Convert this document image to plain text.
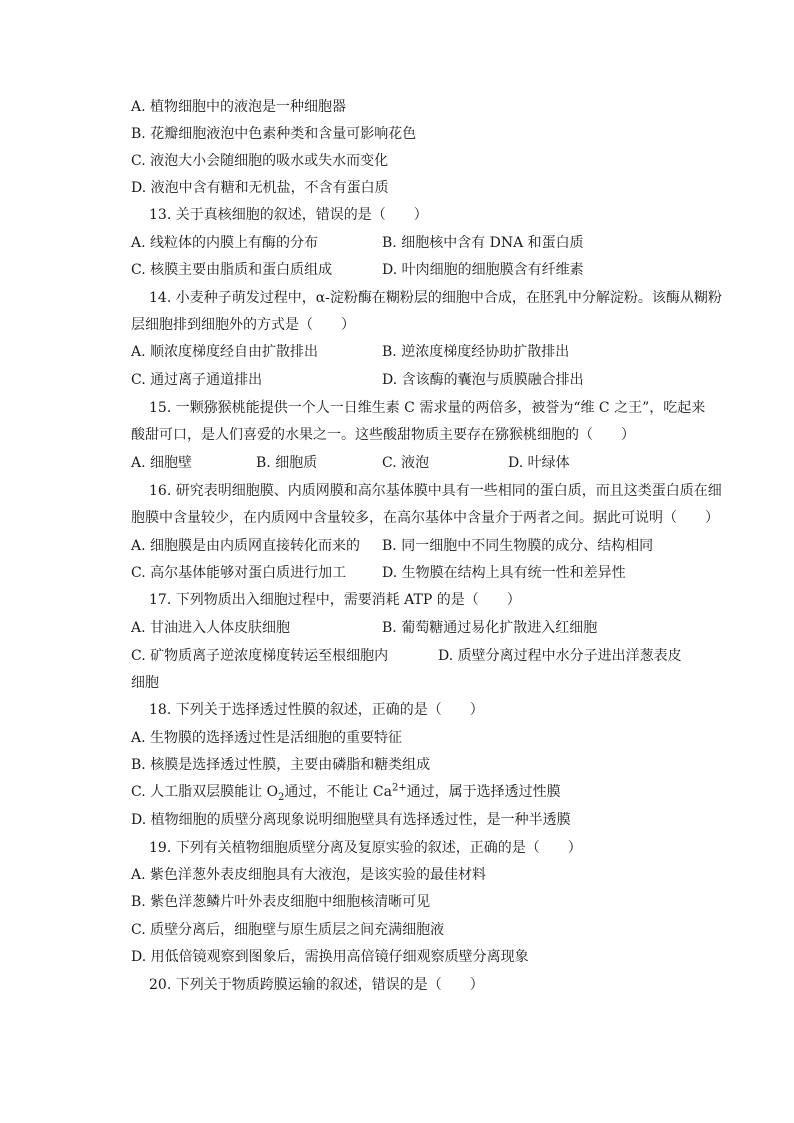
A. 植物细胞中的液泡是一种细胞器
B. 花瓣细胞液泡中色素种类和含量可影响花色
C. 液泡大小会随细胞的吸水或失水而变化
D. 液泡中含有糖和无机盐，不含有蛋白质
13. 关于真核细胞的叙述，错误的是（　　）
A. 线粒体的内膜上有酶的分布	B. 细胞核中含有 DNA 和蛋白质
C. 核膜主要由脂质和蛋白质组成	D. 叶肉细胞的细胞膜含有纤维素
14. 小麦种子萌发过程中，α-淀粉酶在糊粉层的细胞中合成，在胚乳中分解淀粉。该酶从糊粉
层细胞排到细胞外的方式是（　　）
A. 顺浓度梯度经自由扩散排出	B. 逆浓度梯度经协助扩散排出
C. 通过离子通道排出	D. 含该酶的囊泡与质膜融合排出
15. 一颗猕猴桃能提供一个人一日维生素 C 需求量的两倍多，被誉为“维 C 之王”，吃起来
酸甜可口，是人们喜爱的水果之一。这些酸甜物质主要存在猕猴桃细胞的（　　）
A. 细胞壁	B. 细胞质	C. 液泡	D. 叶绿体
16. 研究表明细胞膜、内质网膜和高尔基体膜中具有一些相同的蛋白质，而且这类蛋白质在细
胞膜中含量较少，在内质网中含量较多，在高尔基体中含量介于两者之间。据此可说明（　　）
A. 细胞膜是由内质网直接转化而来的 B. 同一细胞中不同生物膜的成分、结构相同
C. 高尔基体能够对蛋白质进行加工	D. 生物膜在结构上具有统一性和差异性
17. 下列物质出入细胞过程中，需要消耗 ATP 的是（　　）
A. 甘油进入人体皮肤细胞	B. 葡萄糖通过易化扩散进入红细胞
C. 矿物质离子逆浓度梯度转运至根细胞内	D. 质壁分离过程中水分子进出洋葱表皮
细胞
18. 下列关于选择透过性膜的叙述，正确的是（　　）
A. 生物膜的选择透过性是活细胞的重要特征
B. 核膜是选择透过性膜，主要由磷脂和糖类组成
C. 人工脂双层膜能让 $O_2$通过，不能让 $Ca^{2+}$通过，属于选择透过性膜
D. 植物细胞的质壁分离现象说明细胞壁具有选择透过性，是一种半透膜
19. 下列有关植物细胞质壁分离及复原实验的叙述，正确的是（　　）
A. 紫色洋葱外表皮细胞具有大液泡，是该实验的最佳材料
B. 紫色洋葱鳞片叶外表皮细胞中细胞核清晰可见
C. 质壁分离后，细胞壁与原生质层之间充满细胞液
D. 用低倍镜观察到图象后，需换用高倍镜仔细观察质壁分离现象
20. 下列关于物质跨膜运输的叙述，错误的是（　　）
